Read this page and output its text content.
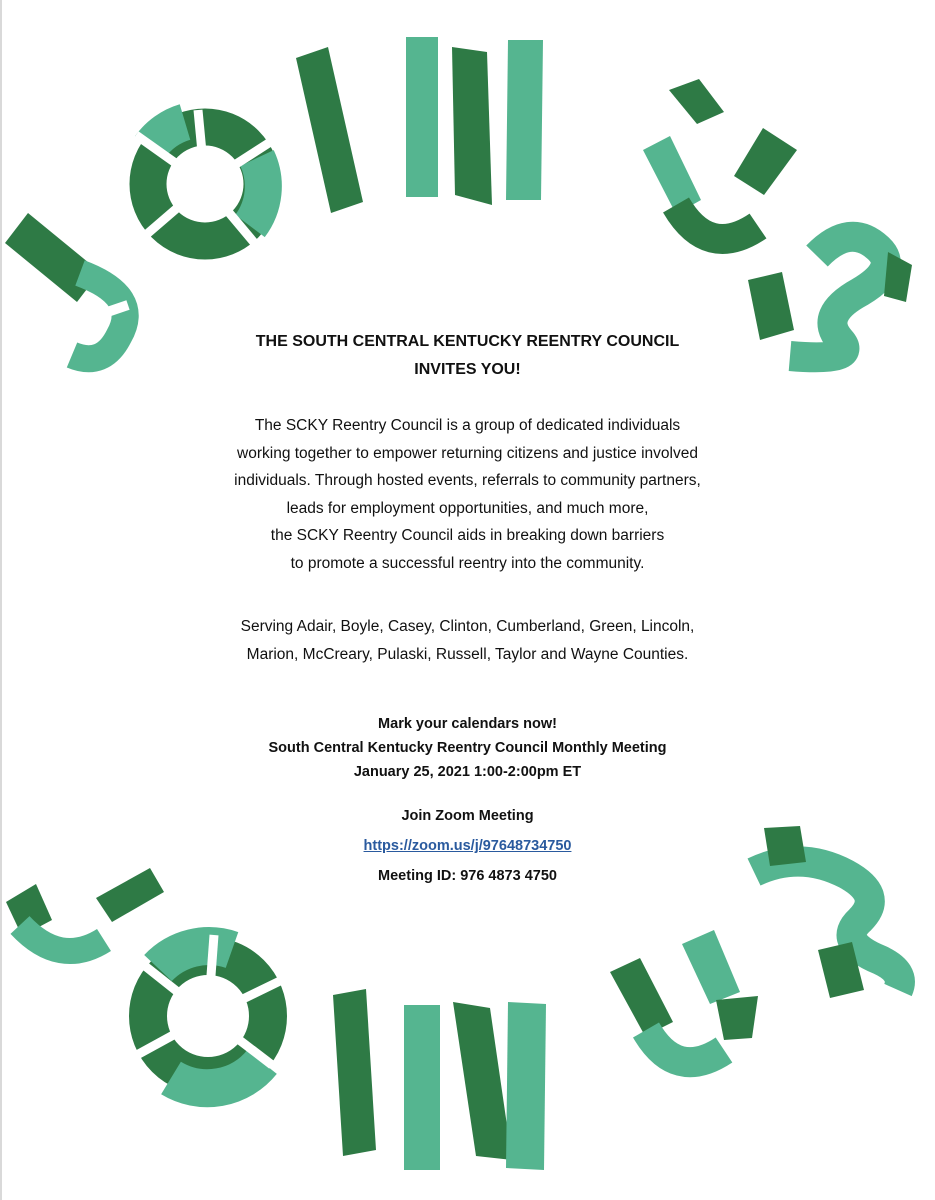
THE SOUTH CENTRAL KENTUCKY REENTRY COUNCIL

INVITES YOU!

The SCKY Reentry Council is a group of dedicated individuals

working together to empower returning citizens and justice involved

individuals. Through hosted events, referrals to community partners,

leads for employment opportunities, and much more,

the SCKY Reentry Council aids in breaking down barriers

to promote a successful reentry into the community.

Serving Adair, Boyle, Casey, Clinton, Cumberland, Green, Lincoln,

Marion, McCreary, Pulaski, Russell, Taylor and Wayne Counties.

Mark your calendars now!

South Central Kentucky Reentry Council Monthly Meeting

January 25, 2021 1:00-2:00pm ET

Join Zoom Meeting

https://zoom.us/j/97648734750

Meeting ID: 976 4873 4750
